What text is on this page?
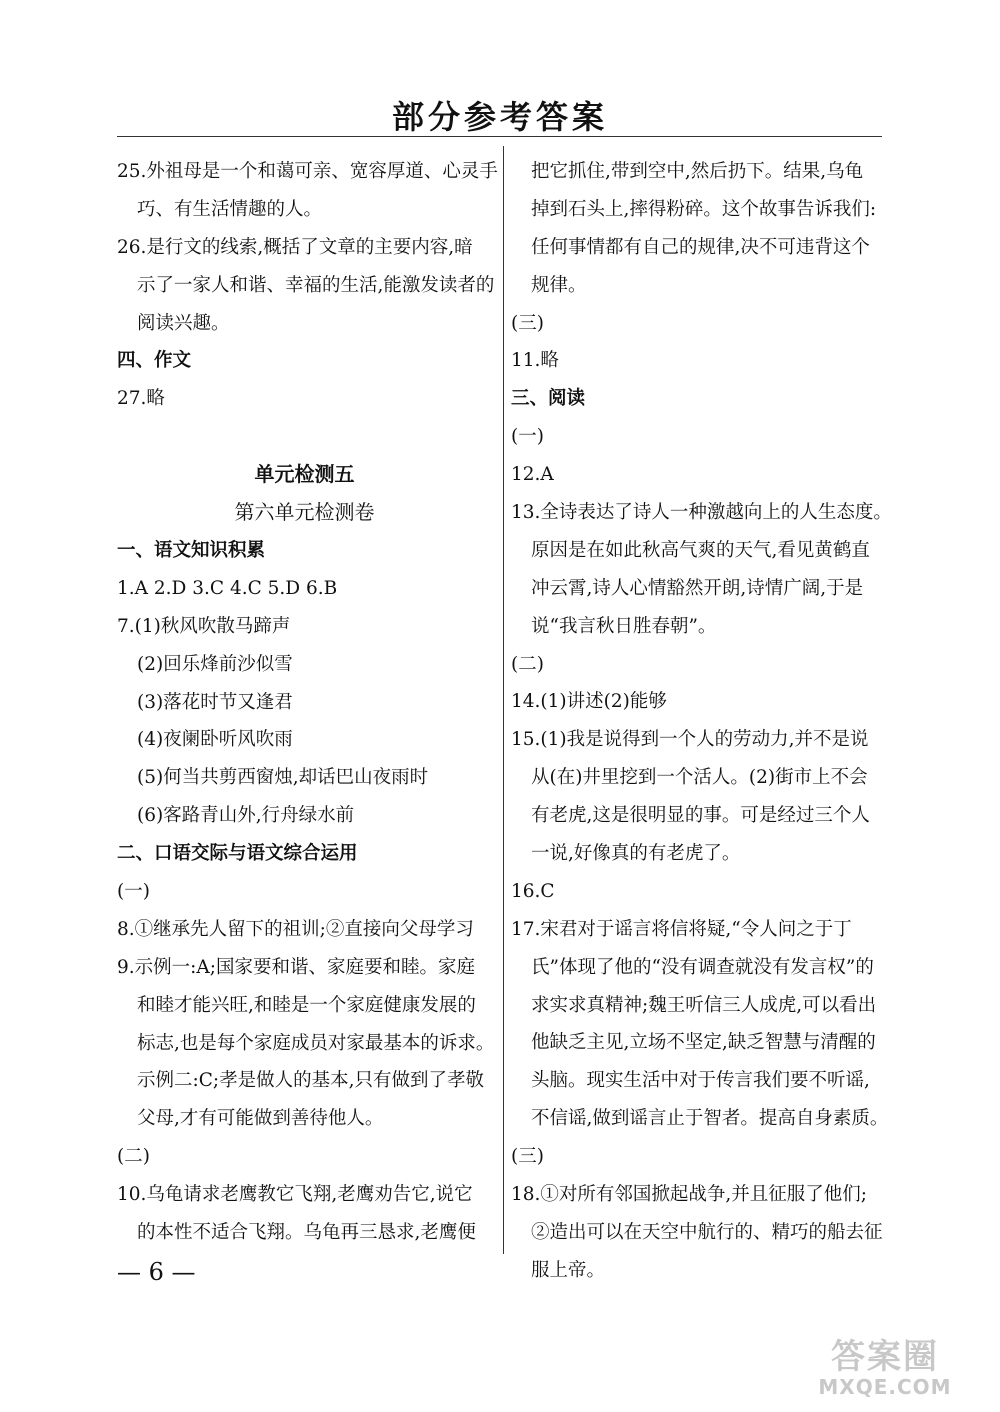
部分参考答案
25.外祖母是一个和蔼可亲、宽容厚道、心灵手
巧、有生活情趣的人。
26.是行文的线索,概括了文章的主要内容,暗
示了一家人和谐、幸福的生活,能激发读者的
阅读兴趣。
四、作文
27.略
单元检测五
第六单元检测卷
一、语文知识积累
1.A 2.D 3.C 4.C 5.D 6.B
7.(1)秋风吹散马蹄声
(2)回乐烽前沙似雪
(3)落花时节又逢君
(4)夜阑卧听风吹雨
(5)何当共剪西窗烛,却话巴山夜雨时
(6)客路青山外,行舟绿水前
二、口语交际与语文综合运用
(一)
8.①继承先人留下的祖训;②直接向父母学习
9.示例一:A;国家要和谐、家庭要和睦。家庭
和睦才能兴旺,和睦是一个家庭健康发展的
标志,也是每个家庭成员对家最基本的诉求。
示例二:C;孝是做人的基本,只有做到了孝敬
父母,才有可能做到善待他人。
(二)
10.乌龟请求老鹰教它飞翔,老鹰劝告它,说它
的本性不适合飞翔。乌龟再三恳求,老鹰便
把它抓住,带到空中,然后扔下。结果,乌龟
掉到石头上,摔得粉碎。这个故事告诉我们:
任何事情都有自己的规律,决不可违背这个
规律。
(三)
11.略
三、阅读
(一)
12.A
13.全诗表达了诗人一种激越向上的人生态度。
原因是在如此秋高气爽的天气,看见黄鹤直
冲云霄,诗人心情豁然开朗,诗情广阔,于是
说“我言秋日胜春朝”。
(二)
14.(1)讲述(2)能够
15.(1)我是说得到一个人的劳动力,并不是说
从(在)井里挖到一个活人。(2)街市上不会
有老虎,这是很明显的事。可是经过三个人
一说,好像真的有老虎了。
16.C
17.宋君对于谣言将信将疑,“令人问之于丁
氏”体现了他的“没有调查就没有发言权”的
求实求真精神;魏王听信三人成虎,可以看出
他缺乏主见,立场不坚定,缺乏智慧与清醒的
头脑。现实生活中对于传言我们要不听谣,
不信谣,做到谣言止于智者。提高自身素质。
(三)
18.①对所有邻国掀起战争,并且征服了他们;
②造出可以在天空中航行的、精巧的船去征
服上帝。
— 6 —
答案圈
MXQE.COM
